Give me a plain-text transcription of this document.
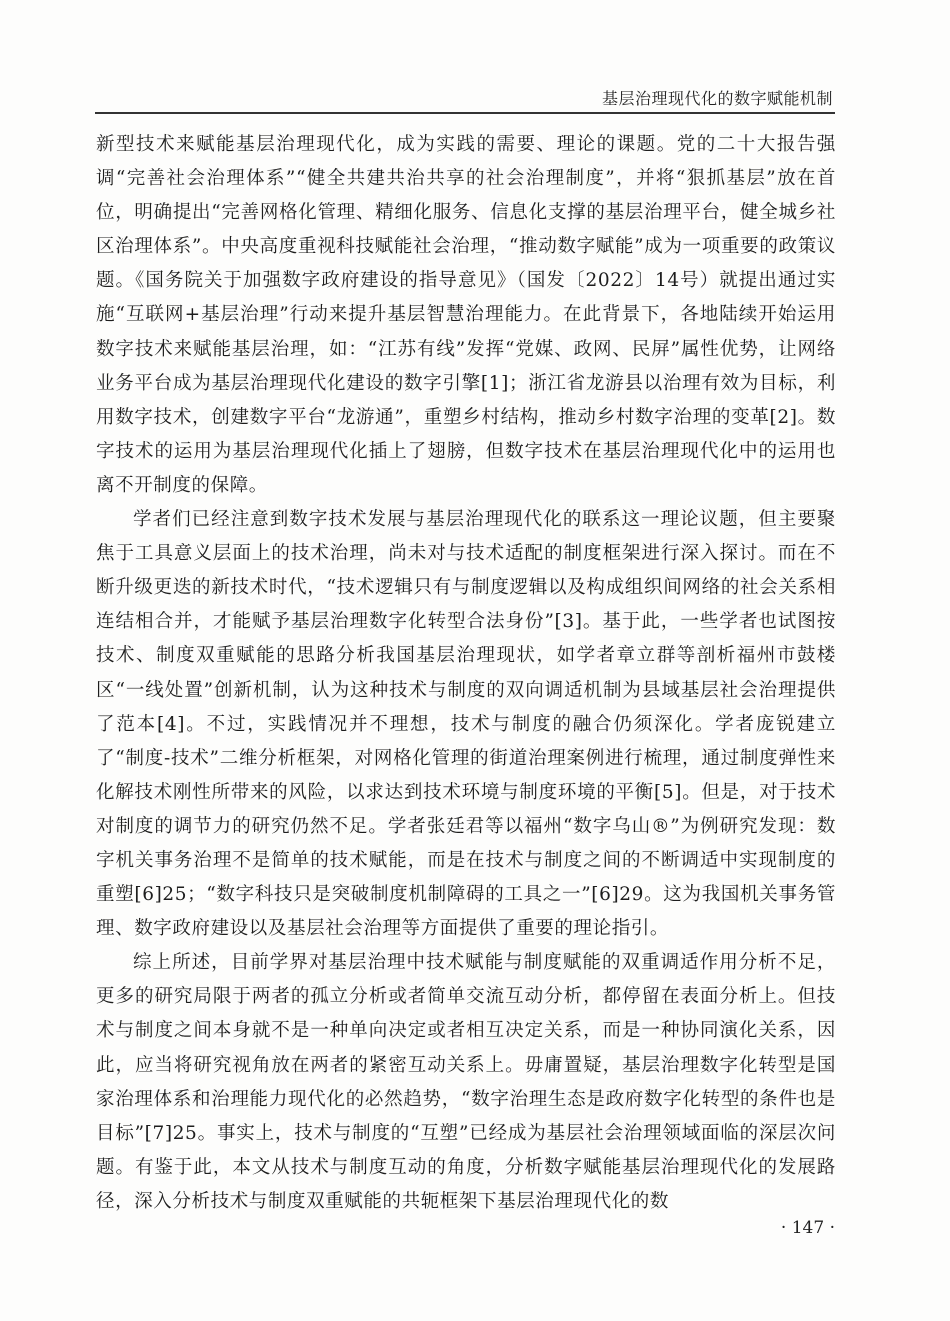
基层治理现代化的数字赋能机制

新型技术来赋能基层治理现代化，成为实践的需要、理论的课题。党的二十大报告强调“完善社会治理体系”“健全共建共治共享的社会治理制度”，并将“狠抓基层”放在首位，明确提出“完善网格化管理、精细化服务、信息化支撑的基层治理平台，健全城乡社区治理体系”。中央高度重视科技赋能社会治理，“推动数字赋能”成为一项重要的政策议题。《国务院关于加强数字政府建设的指导意见》（国发〔2022〕14号）就提出通过实施“互联网+基层治理”行动来提升基层智慧治理能力。在此背景下，各地陆续开始运用数字技术来赋能基层治理，如：“江苏有线”发挥“党媒、政网、民屏”属性优势，让网络业务平台成为基层治理现代化建设的数字引擎[1]；浙江省龙游县以治理有效为目标，利用数字技术，创建数字平台“龙游通”，重塑乡村结构，推动乡村数字治理的变革[2]。数字技术的运用为基层治理现代化插上了翅膀，但数字技术在基层治理现代化中的运用也离不开制度的保障。

学者们已经注意到数字技术发展与基层治理现代化的联系这一理论议题，但主要聚焦于工具意义层面上的技术治理，尚未对与技术适配的制度框架进行深入探讨。而在不断升级更迭的新技术时代，“技术逻辑只有与制度逻辑以及构成组织间网络的社会关系相连结相合并，才能赋予基层治理数字化转型合法身份”[3]。基于此，一些学者也试图按技术、制度双重赋能的思路分析我国基层治理现状，如学者章立群等剖析福州市鼓楼区“一线处置”创新机制，认为这种技术与制度的双向调适机制为县域基层社会治理提供了范本[4]。不过，实践情况并不理想，技术与制度的融合仍须深化。学者庞锐建立了“制度-技术”二维分析框架，对网格化管理的街道治理案例进行梳理，通过制度弹性来化解技术刚性所带来的风险，以求达到技术环境与制度环境的平衡[5]。但是，对于技术对制度的调节力的研究仍然不足。学者张廷君等以福州“数字乌山®”为例研究发现：数字机关事务治理不是简单的技术赋能，而是在技术与制度之间的不断调适中实现制度的重塑[6]25；“数字科技只是突破制度机制障碍的工具之一”[6]29。这为我国机关事务管理、数字政府建设以及基层社会治理等方面提供了重要的理论指引。

综上所述，目前学界对基层治理中技术赋能与制度赋能的双重调适作用分析不足，更多的研究局限于两者的孤立分析或者简单交流互动分析，都停留在表面分析上。但技术与制度之间本身就不是一种单向决定或者相互决定关系，而是一种协同演化关系，因此，应当将研究视角放在两者的紧密互动关系上。毋庸置疑，基层治理数字化转型是国家治理体系和治理能力现代化的必然趋势，“数字治理生态是政府数字化转型的条件也是目标”[7]25。事实上，技术与制度的“互塑”已经成为基层社会治理领域面临的深层次问题。有鉴于此，本文从技术与制度互动的角度，分析数字赋能基层治理现代化的发展路径，深入分析技术与制度双重赋能的共轭框架下基层治理现代化的数

· 147 ·
